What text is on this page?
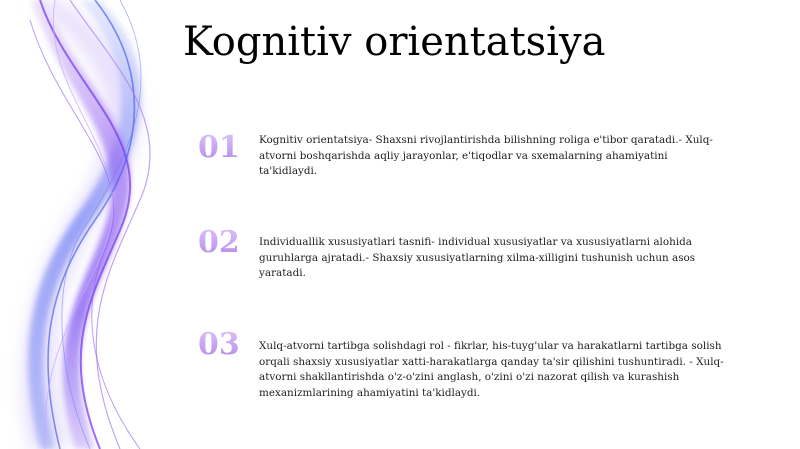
Kognitiv orientatsiya
01	Kognitiv orientatsiya- Shaxsni rivojlantirishda bilishning roliga e'tibor qaratadi.- Xulq-atvorni boshqarishda aqliy jarayonlar, e'tiqodlar va sxemalarning ahamiyatini ta'kidlaydi.

02	Individuallik xususiyatlari tasnifi- individual xususiyatlar va xususiyatlarni alohida guruhlarga ajratadi.- Shaxsiy xususiyatlarning xilma-xilligini tushunish uchun asos yaratadi.

03	Xulq-atvorni tartibga solishdagi rol - fikrlar, his-tuyg'ular va harakatlarni tartibga solish orqali shaxsiy xususiyatlar xatti-harakatlarga qanday ta'sir qilishini tushuntiradi. - Xulq-atvorni shakllantirishda o'z-o'zini anglash, o'zini o'zi nazorat qilish va kurashish mexanizmlarining ahamiyatini ta'kidlaydi.
